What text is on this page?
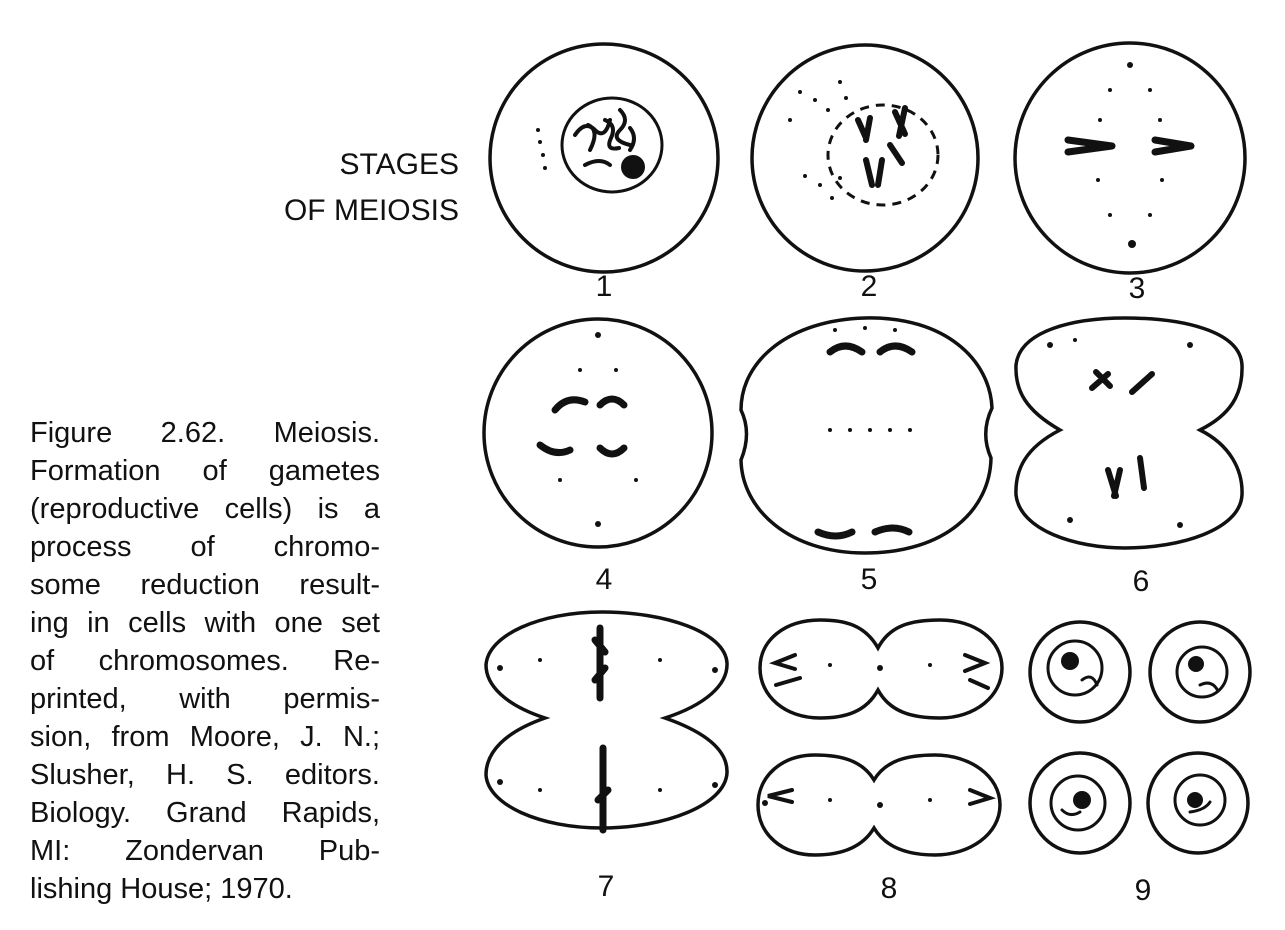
STAGES
OF MEIOSIS
Figure 2.62. Meiosis.
Formation of gametes
(reproductive cells) is a
process of chromo-
some reduction result-
ing in cells with one set
of chromosomes. Re-
printed, with permis-
sion, from Moore, J. N.;
Slusher, H. S. editors.
Biology. Grand Rapids,
MI: Zondervan Pub-
lishing House; 1970.
1	2	3
4	5	6
7	8	9
